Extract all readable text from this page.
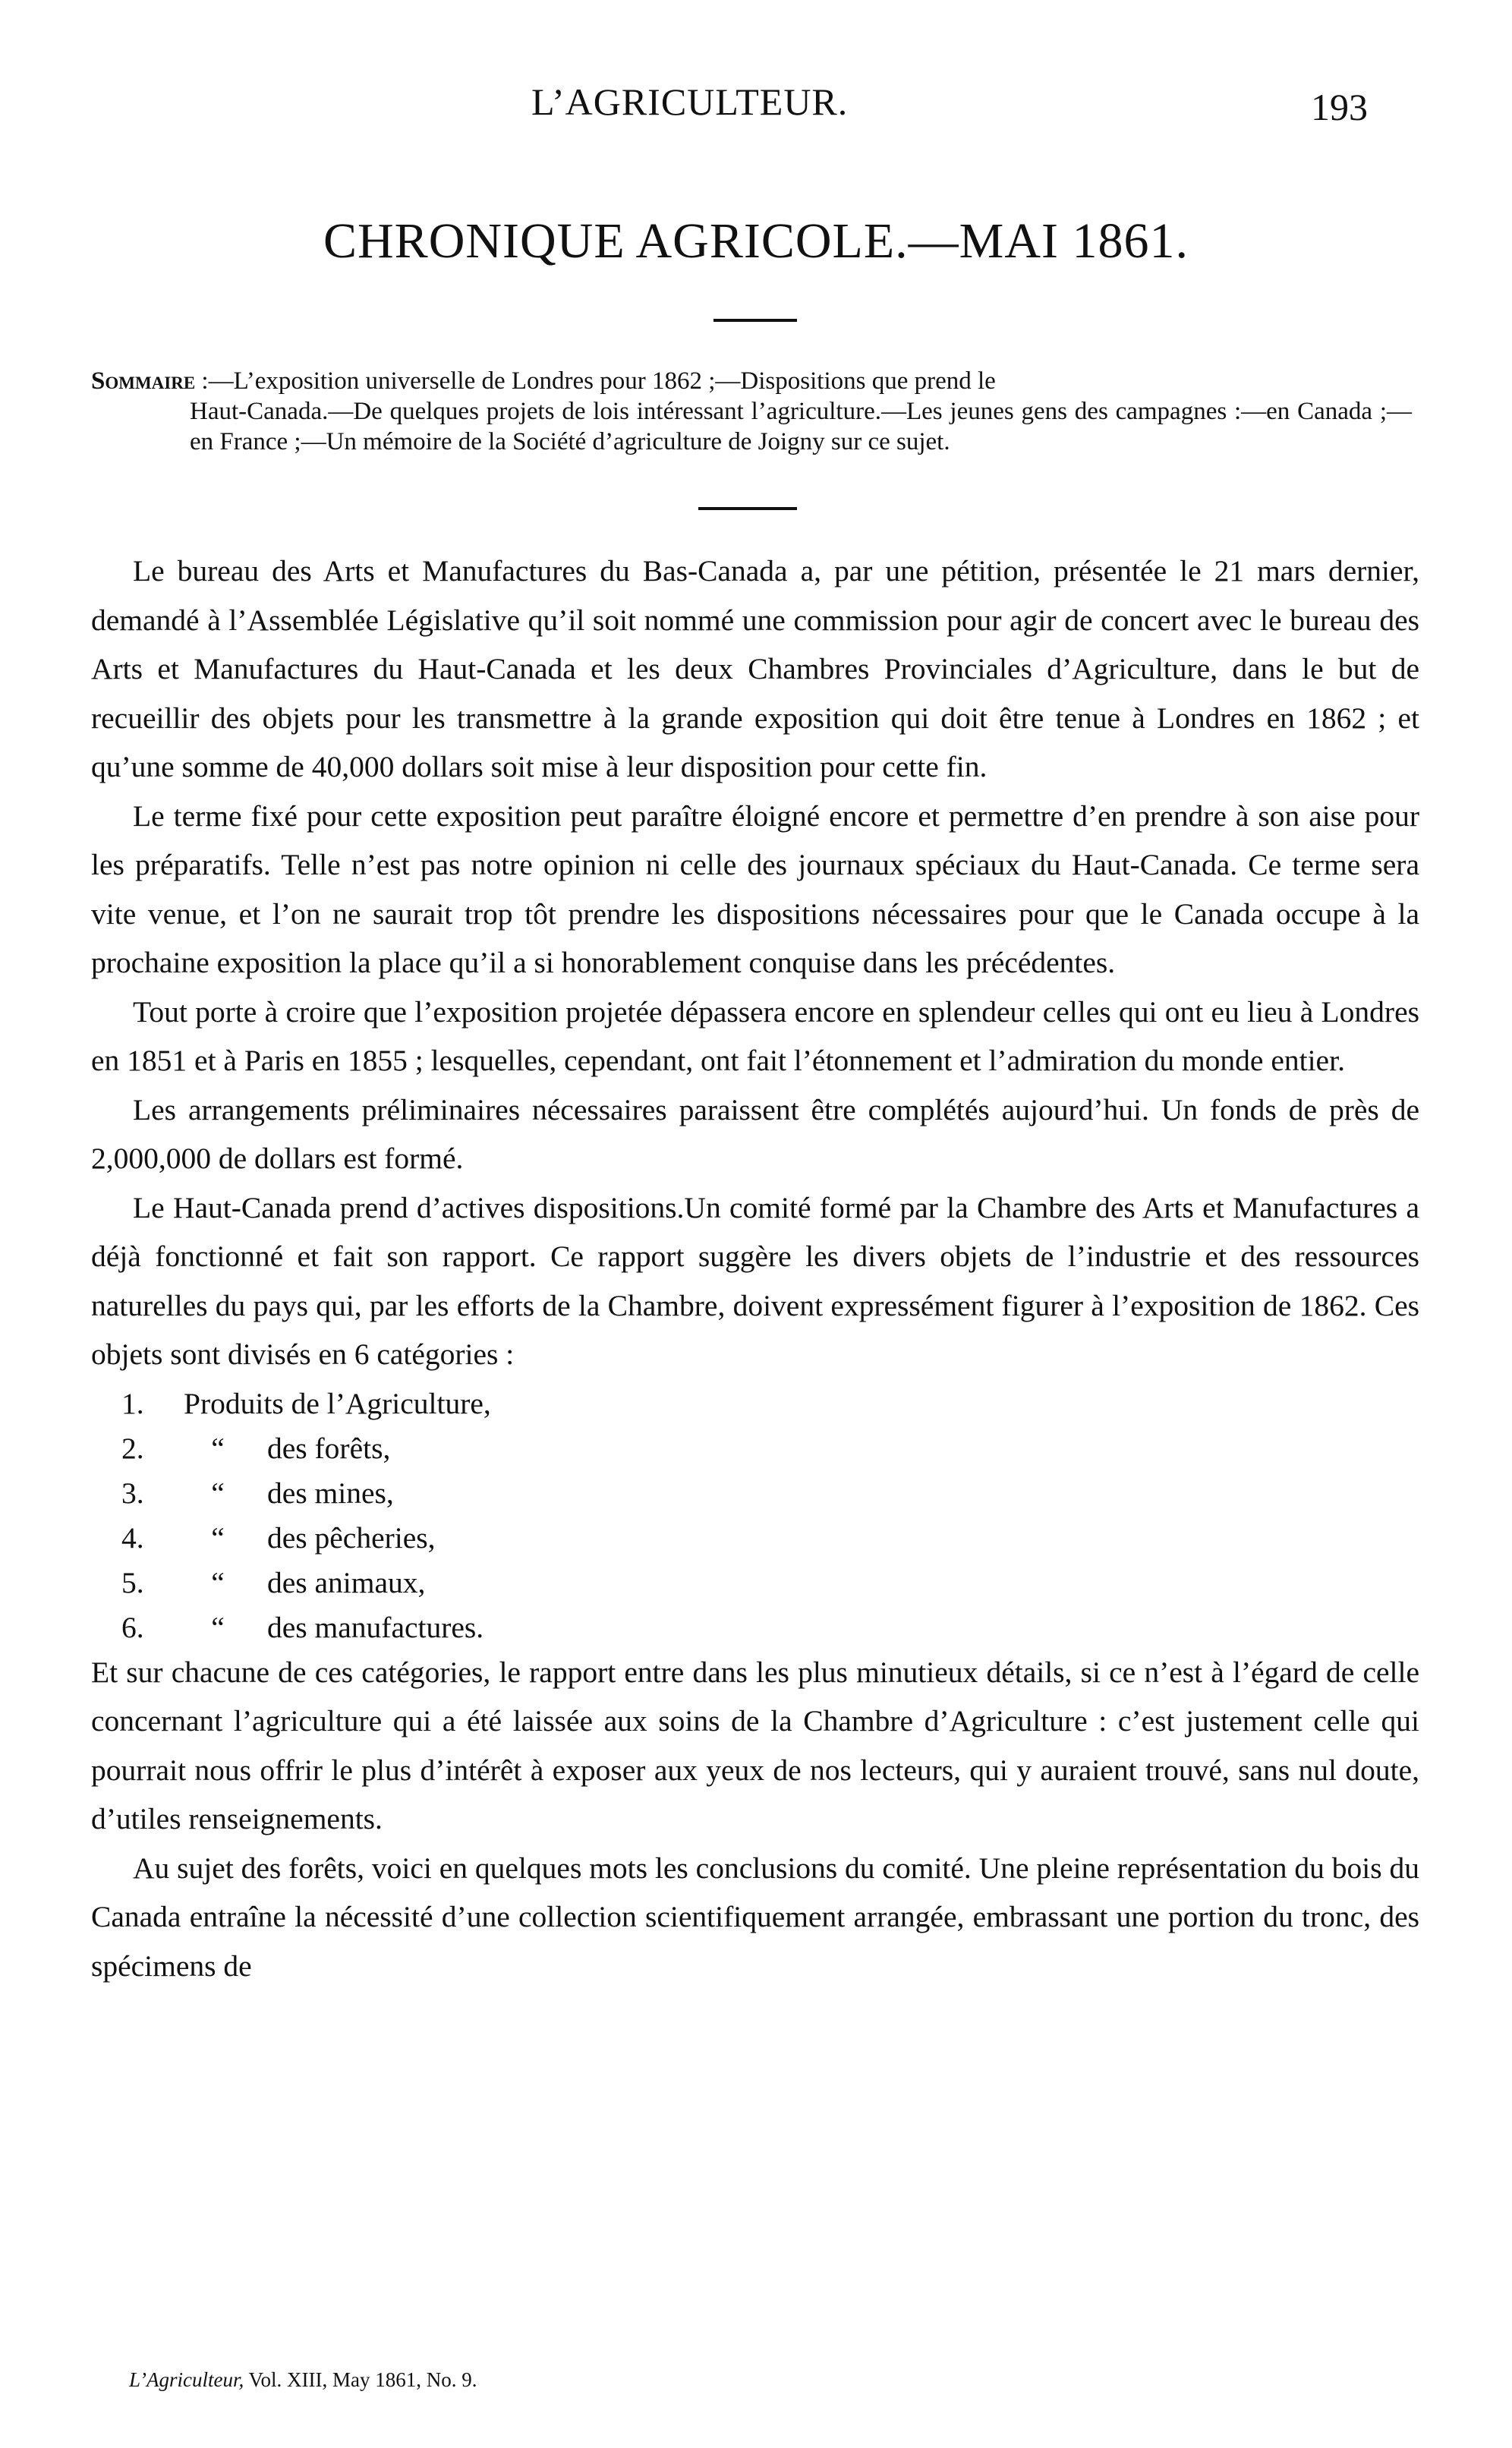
L’AGRICULTEUR.	193
CHRONIQUE AGRICOLE.—MAI 1861.
Sommaire :—L’exposition universelle de Londres pour 1862 ;—Dispositions que prend le
Haut-Canada.—De quelques projets de lois intéressant l’agriculture.—Les jeunes gens des campagnes :—en Canada ;—en France ;—Un mémoire de la Société d’agriculture de Joigny sur ce sujet.

Le bureau des Arts et Manufactures du Bas-Canada a, par une pétition, présentée le 21 mars dernier, demandé à l’Assemblée Législative qu’il soit nommé une commission pour agir de concert avec le bureau des Arts et Manufactures du Haut-Canada et les deux Chambres Provinciales d’Agriculture, dans le but de recueillir des objets pour les transmettre à la grande exposition qui doit être tenue à Londres en 1862 ; et qu’une somme de 40,000 dollars soit mise à leur disposition pour cette fin.

Le terme fixé pour cette exposition peut paraître éloigné encore et permettre d’en prendre à son aise pour les préparatifs. Telle n’est pas notre opinion ni celle des journaux spéciaux du Haut-Canada. Ce terme sera vite venue, et l’on ne saurait trop tôt prendre les dispositions nécessaires pour que le Canada occupe à la prochaine exposition la place qu’il a si honorablement conquise dans les précédentes.

Tout porte à croire que l’exposition projetée dépassera encore en splendeur celles qui ont eu lieu à Londres en 1851 et à Paris en 1855 ; lesquelles, cependant, ont fait l’étonnement et l’admiration du monde entier.

Les arrangements préliminaires nécessaires paraissent être complétés aujourd’hui. Un fonds de près de 2,000,000 de dollars est formé.

Le Haut-Canada prend d’actives dispositions.Un comité formé par la Chambre des Arts et Manufactures a déjà fonctionné et fait son rapport. Ce rapport suggère les divers objets de l’industrie et des ressources naturelles du pays qui, par les efforts de la Chambre, doivent expressément figurer à l’exposition de 1862. Ces objets sont divisés en 6 catégories :

1.	Produits de l’Agriculture,
2.	“	des forêts,
3.	“	des mines,
4.	“	des pêcheries,
5.	“	des animaux,
6.	“	des manufactures.

Et sur chacune de ces catégories, le rapport entre dans les plus minutieux détails, si ce n’est à l’égard de celle concernant l’agriculture qui a été laissée aux soins de la Chambre d’Agriculture : c’est justement celle qui pourrait nous offrir le plus d’intérêt à exposer aux yeux de nos lecteurs, qui y auraient trouvé, sans nul doute, d’utiles renseignements.

Au sujet des forêts, voici en quelques mots les conclusions du comité. Une pleine représentation du bois du Canada entraîne la nécessité d’une collection scientifiquement arrangée, embrassant une portion du tronc, des spécimens de

L’Agriculteur, Vol. XIII, May 1861, No. 9.
